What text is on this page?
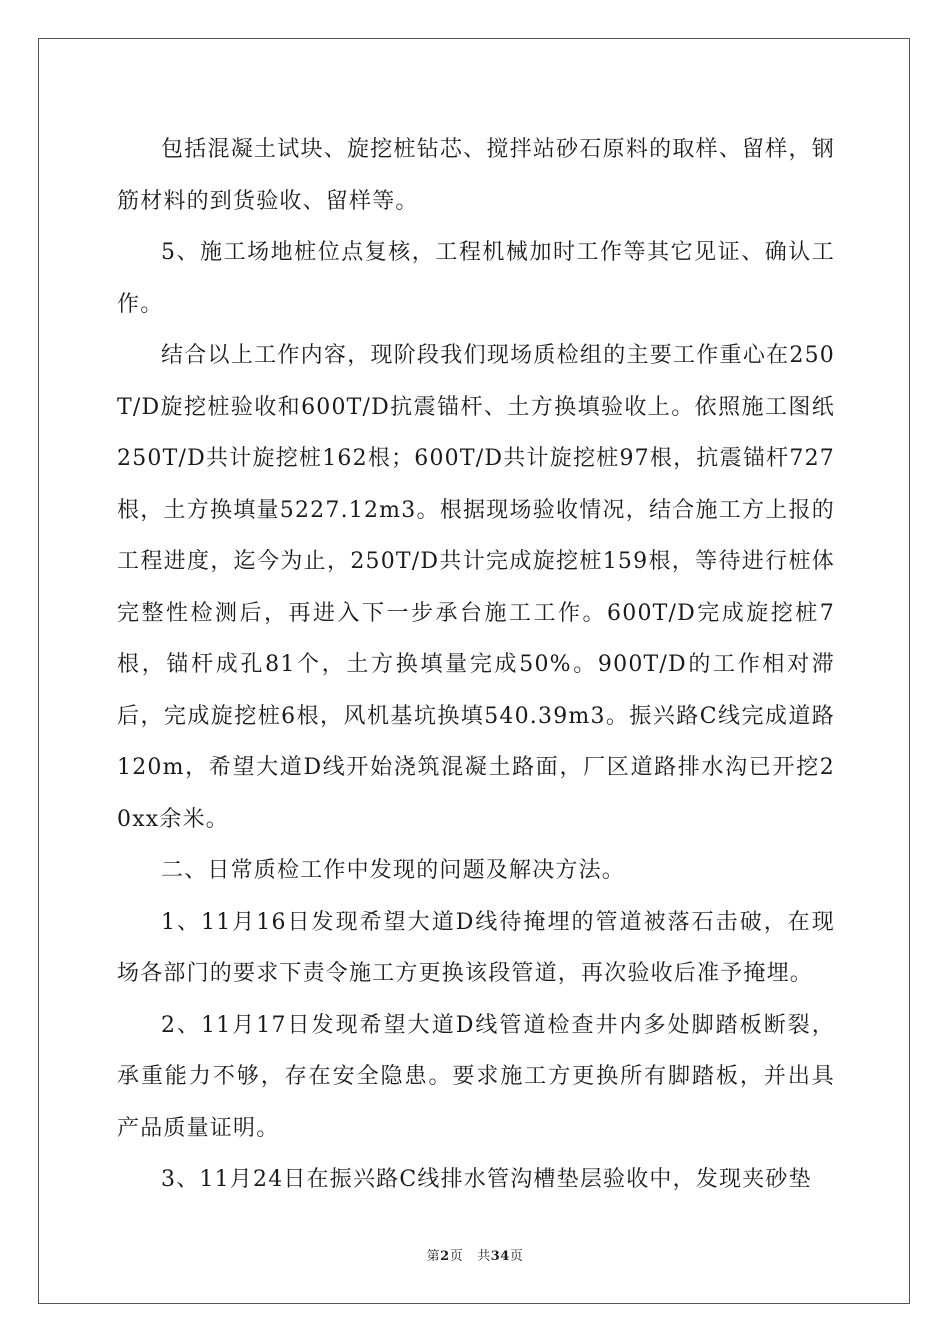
包括混凝土试块、旋挖桩钻芯、搅拌站砂石原料的取样、留样，钢筋材料的到货验收、留样等。

5、施工场地桩位点复核，工程机械加时工作等其它见证、确认工作。

结合以上工作内容，现阶段我们现场质检组的主要工作重心在250T/D旋挖桩验收和600T/D抗震锚杆、土方换填验收上。依照施工图纸250T/D共计旋挖桩162根；600T/D共计旋挖桩97根，抗震锚杆727根，土方换填量5227.12m3。根据现场验收情况，结合施工方上报的工程进度，迄今为止，250T/D共计完成旋挖桩159根，等待进行桩体完整性检测后，再进入下一步承台施工工作。600T/D完成旋挖桩7根，锚杆成孔81个，土方换填量完成50%。900T/D的工作相对滞后，完成旋挖桩6根，风机基坑换填540.39m3。振兴路C线完成道路120m，希望大道D线开始浇筑混凝土路面，厂区道路排水沟已开挖20xx余米。

二、日常质检工作中发现的问题及解决方法。

1、11月16日发现希望大道D线待掩埋的管道被落石击破，在现场各部门的要求下责令施工方更换该段管道，再次验收后准予掩埋。

2、11月17日发现希望大道D线管道检查井内多处脚踏板断裂，承重能力不够，存在安全隐患。要求施工方更换所有脚踏板，并出具产品质量证明。

3、11月24日在振兴路C线排水管沟槽垫层验收中，发现夹砂垫

第2页 共34页
